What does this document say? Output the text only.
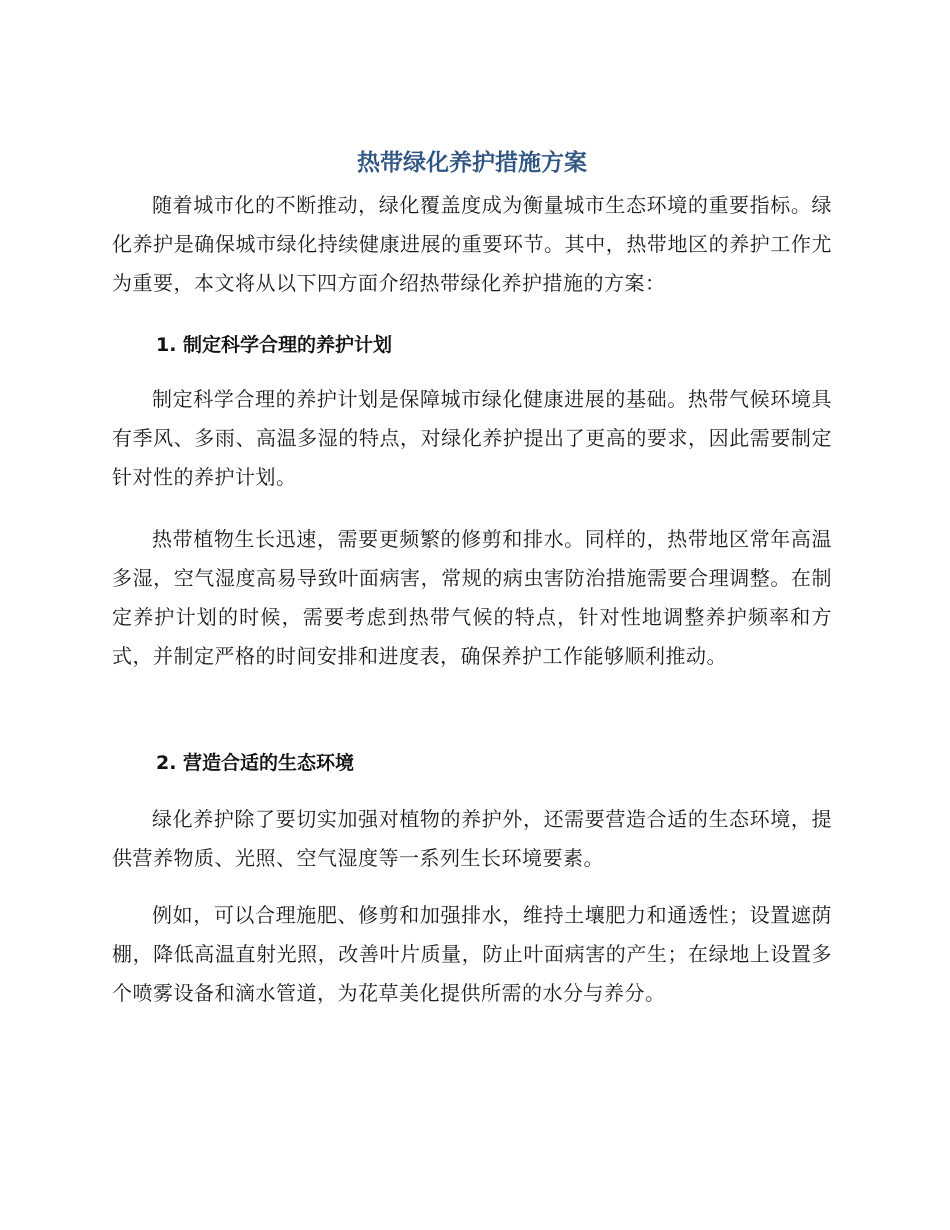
热带绿化养护措施方案

随着城市化的不断推动，绿化覆盖度成为衡量城市生态环境的重要指标。绿化养护是确保城市绿化持续健康进展的重要环节。其中，热带地区的养护工作尤为重要，本文将从以下四方面介绍热带绿化养护措施的方案：

1. 制定科学合理的养护计划

制定科学合理的养护计划是保障城市绿化健康进展的基础。热带气候环境具有季风、多雨、高温多湿的特点，对绿化养护提出了更高的要求，因此需要制定针对性的养护计划。

热带植物生长迅速，需要更频繁的修剪和排水。同样的，热带地区常年高温多湿，空气湿度高易导致叶面病害，常规的病虫害防治措施需要合理调整。在制定养护计划的时候，需要考虑到热带气候的特点，针对性地调整养护频率和方式，并制定严格的时间安排和进度表，确保养护工作能够顺利推动。

2. 营造合适的生态环境

绿化养护除了要切实加强对植物的养护外，还需要营造合适的生态环境，提供营养物质、光照、空气湿度等一系列生长环境要素。

例如，可以合理施肥、修剪和加强排水，维持土壤肥力和通透性；设置遮荫棚，降低高温直射光照，改善叶片质量，防止叶面病害的产生；在绿地上设置多个喷雾设备和滴水管道，为花草美化提供所需的水分与养分。
